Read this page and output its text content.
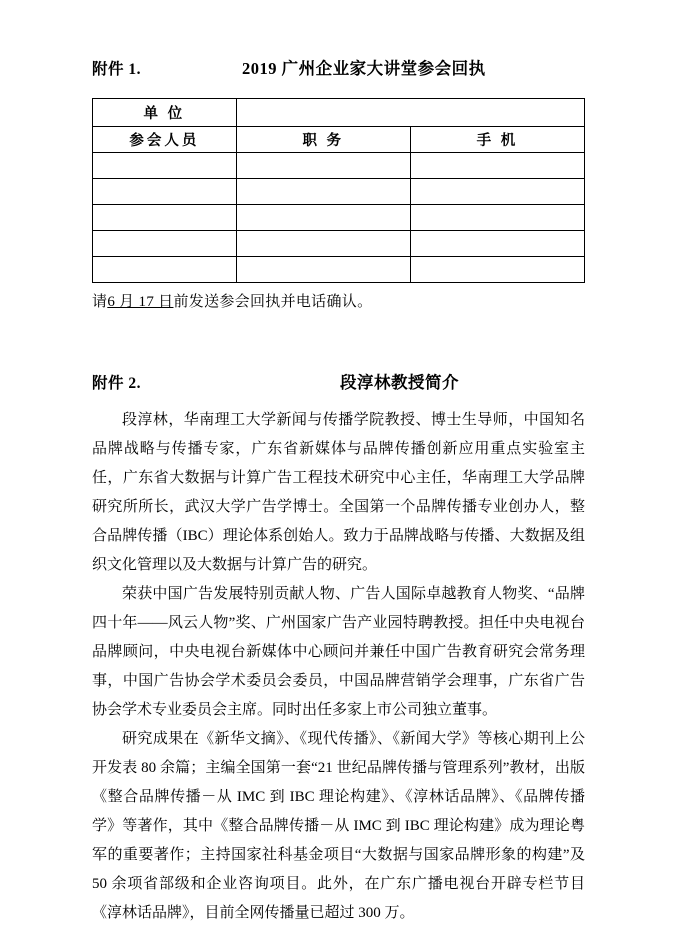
附件 1.	2019 广州企业家大讲堂参会回执
单 位		
参会人员	职 务	手 机

请6 月 17 日前发送参会回执并电话确认。
附件 2.	段淳林教授简介

段淳林，华南理工大学新闻与传播学院教授、博士生导师，中国知名品牌战略与传播专家，广东省新媒体与品牌传播创新应用重点实验室主任，广东省大数据与计算广告工程技术研究中心主任，华南理工大学品牌研究所所长，武汉大学广告学博士。全国第一个品牌传播专业创办人，整合品牌传播（IBC）理论体系创始人。致力于品牌战略与传播、大数据及组织文化管理以及大数据与计算广告的研究。

荣获中国广告发展特别贡献人物、广告人国际卓越教育人物奖、“品牌四十年——风云人物”奖、广州国家广告产业园特聘教授。担任中央电视台品牌顾问，中央电视台新媒体中心顾问并兼任中国广告教育研究会常务理事，中国广告协会学术委员会委员，中国品牌营销学会理事，广东省广告协会学术专业委员会主席。同时出任多家上市公司独立董事。

研究成果在《新华文摘》、《现代传播》、《新闻大学》等核心期刊上公开发表 80 余篇；主编全国第一套“21 世纪品牌传播与管理系列”教材，出版《整合品牌传播－从 IMC 到 IBC 理论构建》、《淳林话品牌》、《品牌传播学》等著作，其中《整合品牌传播－从 IMC 到 IBC 理论构建》成为理论粤军的重要著作；主持国家社科基金项目“大数据与国家品牌形象的构建”及 50 余项省部级和企业咨询项目。此外，在广东广播电视台开辟专栏节目《淳林话品牌》，目前全网传播量已超过 300 万。
